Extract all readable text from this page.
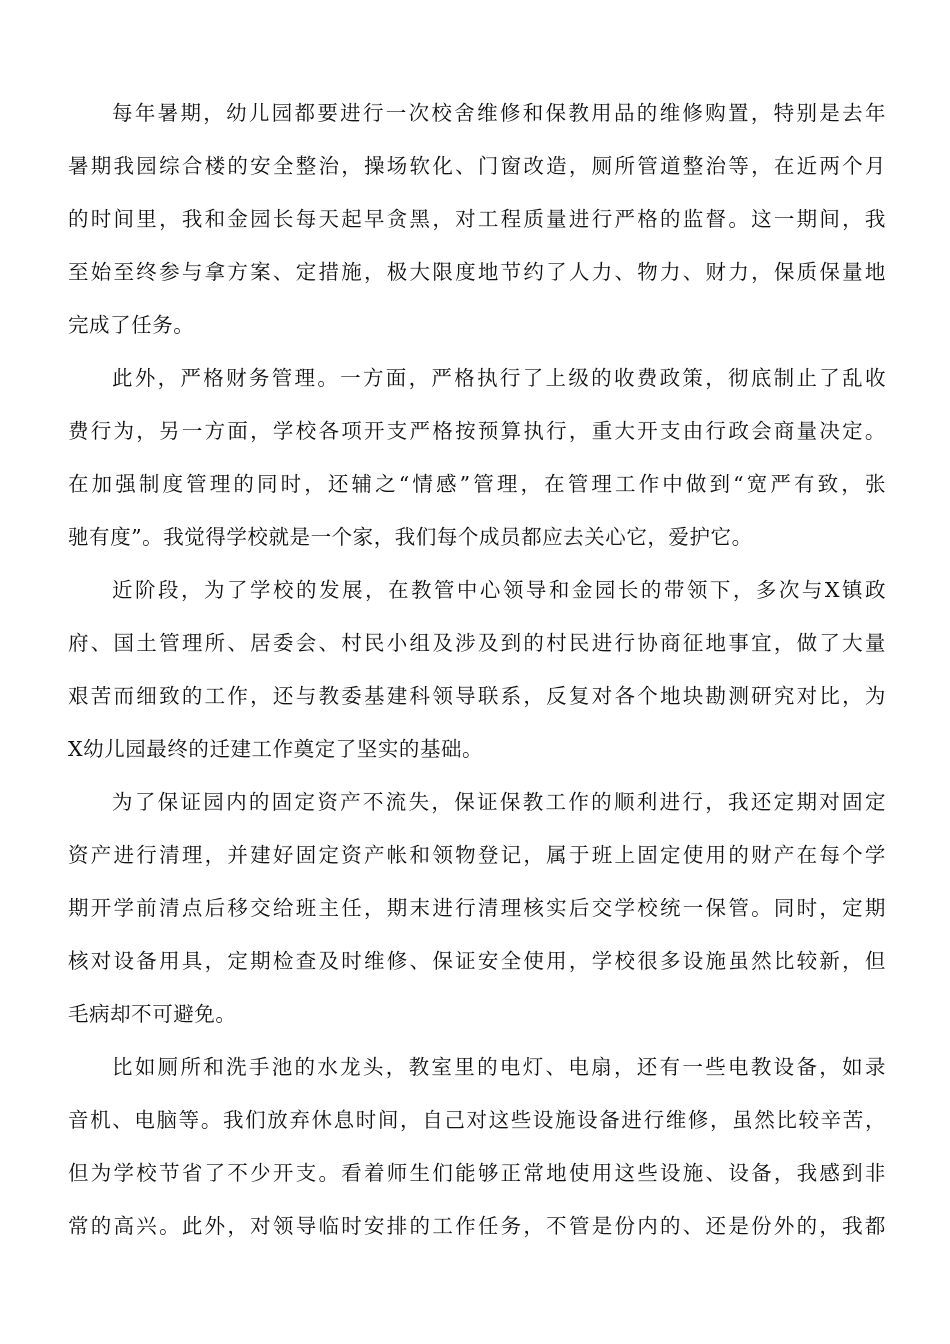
每年暑期，幼儿园都要进行一次校舍维修和保教用品的维修购置，特别是去年
暑期我园综合楼的安全整治，操场软化、门窗改造，厕所管道整治等，在近两个月
的时间里，我和金园长每天起早贪黑，对工程质量进行严格的监督。这一期间，我
至始至终参与拿方案、定措施，极大限度地节约了人力、物力、财力，保质保量地
完成了任务。
此外，严格财务管理。一方面，严格执行了上级的收费政策，彻底制止了乱收
费行为，另一方面，学校各项开支严格按预算执行，重大开支由行政会商量决定。
在加强制度管理的同时，还辅之“情感”管理，在管理工作中做到“宽严有致，张
驰有度”。我觉得学校就是一个家，我们每个成员都应去关心它，爱护它。
近阶段，为了学校的发展，在教管中心领导和金园长的带领下，多次与X镇政
府、国土管理所、居委会、村民小组及涉及到的村民进行协商征地事宜，做了大量
艰苦而细致的工作，还与教委基建科领导联系，反复对各个地块勘测研究对比，为
X幼儿园最终的迁建工作奠定了坚实的基础。
为了保证园内的固定资产不流失，保证保教工作的顺利进行，我还定期对固定
资产进行清理，并建好固定资产帐和领物登记，属于班上固定使用的财产在每个学
期开学前清点后移交给班主任，期末进行清理核实后交学校统一保管。同时，定期
核对设备用具，定期检查及时维修、保证安全使用，学校很多设施虽然比较新，但
毛病却不可避免。
比如厕所和洗手池的水龙头，教室里的电灯、电扇，还有一些电教设备，如录
音机、电脑等。我们放弃休息时间，自己对这些设施设备进行维修，虽然比较辛苦，
但为学校节省了不少开支。看着师生们能够正常地使用这些设施、设备，我感到非
常的高兴。此外，对领导临时安排的工作任务，不管是份内的、还是份外的，我都
